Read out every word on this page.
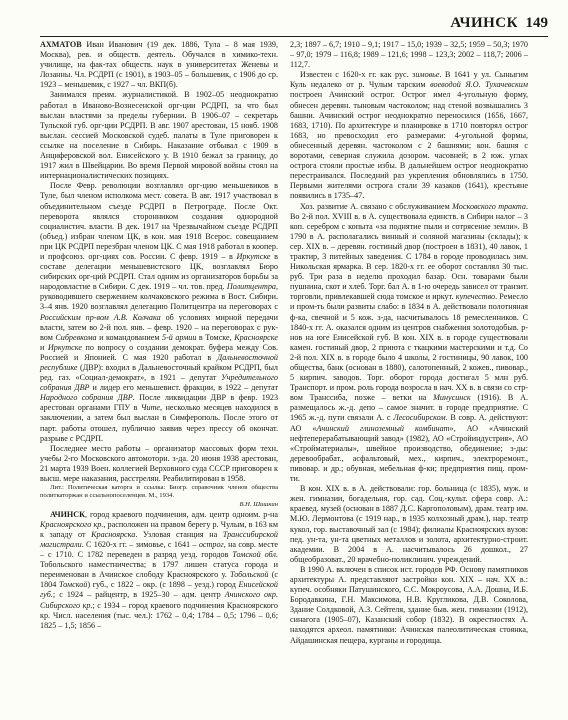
АЧИНСК 149

АХМАТОВ Иван Иванович (19 дек. 1886, Тула – 8 мая 1939, Москва), рев. и обществ. деятель. Обучался в химико-техн. училище, на фак-тах обществ. наук в университетах Женевы и Лозанны. Чл. РСДРП (с 1901), в 1903–05 – большевик, с 1906 до ср. 1923 – меньшевик, с 1927 – чл. ВКП(б).

Занимался преим. журналистикой. В 1902–05 неоднократно работал в Иваново-Вознесенской орг-ции РСДРП, за что был выслан властями за пределы губернии. В 1906–07 – секретарь Тульской губ. орг-ции РСДРП. В авг. 1907 арестован, 15 нояб. 1908 выслан. сессией Московской судеб. палаты в Туле приговорен к ссылке на поселение в Сибирь. Наказание отбывал с 1909 в Анциферовской вол. Енисейского у. В 1910 бежал за границу, до 1917 жил в Швейцарии. Во время Первой мировой войны стоял на интернационалистических позициях.

После Февр. революции возглавлял орг-цию меньшевиков в Туле, был членом исполкома мест. совета. В авг. 1917 участвовал в объединительном съезде РСДРП в Петрограде. После Окт. переворота являлся сторонником создания однородной социалистич. власти. В дек. 1917 на Чрезвычайном съезде РСДРП (объед.) избран членом ЦК, в кон. мая 1918 Всерос. совещанием при ЦК РСДРП перезбран членом ЦК. С мая 1918 работал в коопер. и профсоюз. орг-циях сов. России. С февр. 1919 – в Иркутске в составе делегации меньшевистского ЦК, возглавлял Бюро сибирских орг-ций РСДРП. Стал одним из организаторов борьбы за народовластие в Сибири. С дек. 1919 – чл. тов. пред. Политцентра, руководившего свержением колчаковского режима в Вост. Сибири. 3–4 янв. 1920 возглавлял делегацию Политцентра на переговорах с Российским пр-вом А.В. Колчака об условиях мирной передачи власти, затем во 2-й пол. янв. – февр. 1920 – на переговорах с рук-вом Сибревкома и командованием 5-й армии в Томске, Красноярске и Иркутске по вопросу о создании демократ. буфера между Сов. Россией и Японией. С мая 1920 работал в Дальневосточной республике (ДВР): входил в Дальневосточный крайком РСДРП, был ред. газ. «Социал-демократ», в 1921 – депутат Учредительного собрания ДВР и лидер его меньшевист. фракции, в 1922 – депутат Народного собрания ДВР. После ликвидации ДВР в февр. 1923 арестован органами ГПУ в Чите, несколько месяцев находился в заключении, а затем был выслан в Симферополь. После этого от парт. работы отошел, публично заявив через прессу об окончат. разрыве с РСДРП.

Последнее место работы – организатор массовых форм техн. учебы 2-го Московского автомоторн. з-да. 20 июня 1938 арестован, 21 марта 1939 Воен. коллегией Верховного суда СССР приговорен к высш. мере наказания, расстрелян. Реабилитирован в 1958.

Лит.: Политическая каторга и ссылка: Биогр. справочник членов общества политкаторжан и ссыльнопоселенцев. М., 1934.

В.Н. Шишкин

АЧИНСК, город краевого подчинения, адм. центр одноим. р-на Красноярского кр., расположен на правом берегу р. Чулым, в 163 км к западу от Красноярска. Узловая станция на Транссибирской магистрали. С 1620-х гг. – зимовье, с 1641 – острог, на совр. месте – с 1710. С 1782 переведен в разряд уезд. городов Томской обл. Тобольского наместничества; в 1797 лишен статуса города и переименован в Ачинское слободу Красноярского у. Тобольской (с 1804 Томской) губ., с 1822 – окр. (с 1898 – уезд.) город Енисейской губ.; с 1924 – райцентр, в 1925–30 – адм. центр Ачинского окр. Сибирского кр.; с 1934 – город краевого подчинения Красноярского кр. Числ. населения (тыс. чел.): 1762 – 0,4; 1784 – 0,5; 1796 – 0,6; 1825 – 1,5; 1856 –

2,3; 1897 – 6,7; 1910 – 9,1; 1917 – 15,0; 1939 – 32,5; 1959 – 50,3; 1970 – 97,0; 1979 – 116,8; 1989 – 121,6; 1998 – 123,3; 2002 – 118,7; 2006 – 112,7.

Известен с 1620-х гг. как рус. зимовье. В 1641 у ул. Сыныгим Куль недалеко от р. Чулым тарским воеводой Я.О. Тухачевским построен Ачинский острог. Острог имел 4-угольную форму, обнесен деревян. тыновым частоколом; над стеной возвышались 3 башни. Ачинский острог неоднократно переносился (1656, 1667, 1683, 1710). По архитектуре и планировке в 1710 повторял острог 1683, но превосходил его размерами: 4-угольной формы, обнесенный деревян. частоколом с 2 башнями; кон. башня с воротами, северная служила дозором. часовней; в 2 юж. углах острога стояли простые избы. В дальнейшем острог неоднократно перестраивался. Последний раз укрепления обновлялись в 1750. Первыми жителями острога стали 39 казаков (1641), крестьяне появились в 1735–47.

Хоз. развитие А. связано с обслуживанием Московского тракта. Во 2-й пол. XVIII в. в А. существовала единств. в Сибири налог – 3 коп. серебром с копыта «за поднятие пыли и сотрясение земли». В 1790 в А. располагались винный и соляной магазины (склады); к сер. XIX в. – деревян. гостиный двор (построен в 1831), 40 лавок, 1 трактир, 3 питейных заведения. С 1784 в городе проводилась зим. Никольская ярмарка. В сер. 1820-х гг. ее оборот составлял 30 тыс. руб. Три раза в неделю проходил базар. Осн. товарами были пушнина, скот и хлеб. Торг. бал А. в 1-ю очередь зависел от транзит. торговли, привлекавшей сюда томское и иркут. купечество. Ремесло и пром-ть были развиты слабо: в 1834 в А. действовали полотняная ф-ка, свечной и 5 кож. з-да, насчитывалось 18 ремесленников. С 1840-х гг. А. оказался одним из центров снабжения золотодобыв. р-нов на юге Енисейской губ. В кон. XIX в. в городе существовали камен. гостиный двор, 2 приюта с ткацкими мастерскими и т.д. Со 2-й пол. XIX в. в городе было 4 школы, 2 гостиницы, 90 лавок, 100 общества, банк (основан в 1880), салотопенный, 2 кожев., пивовар., 5 кирпич. заводов. Торг. оборот города достигал 5 млн руб. Транспорт. и пром. роль города возросла в нач. XX в. в связи со стр-вом Транссиба, позже – ветки на Минусинск (1916). В А. размещалось ж.-д. депо – самое значит. в городе предприятие. С 1965 ж.-д. пути связали А. с Лесосибирском. В совр. А. действуют: АО «Ачинский глиноземный комбинат», АО «Ачинский нефтеперерабатывающий завод» (1982), АО «Стройиндустрия», АО «Стройматериалы», швейное производство, обединение; з-ды: деревообрабат., асфальтовый, мех., кирпич., электроремонт., пивовар. и др.; обувная, мебельная ф-ки; предприятия пищ. пром-ти.

В кон. XIX в. в А. действовали: гор. больница (с 1835), муж. и жен. гимназии, богадельня, гор. сад. Соц.-культ. сфера совр. А.: краевед. музей (основан в 1887 Д.С. Каргополовым), драм. театр им. М.Ю. Лермонтова (с 1919 нар., в 1935 колхозный драм.), нар. театр кукол, гор. выставочный зал (с 1984); филиалы Красноярских вузов: пед. ун-та, ун-та цветных металлов и золота, архитектурно-строит. академии. В 2004 в А. насчитывалось 26 дошкол., 27 общеобразоват., 20 врачебно-поликлинич. учреждений.

В 1990 А. включен в список ист. городов РФ. Основу памятников архитектуры А. представляют застройки кон. XIX – нач. XX в.: купеч. особняки Патушинского, С.С. Мокроусова, А.А. Дошна, И.Б. Бородавкина, Г.Н. Максимова, Н.В. Кругликова, Д.В. Соколова, Здание Солдковой, А.З. Сейтеля, здание быв. жен. гимназии (1912), синагога (1905–07), Казанский собор (1832). В окрестностях А. находятся археол. памятники: Ачинская палеолитическая стоянка, Айдашинская пещера, курганы и городища.
